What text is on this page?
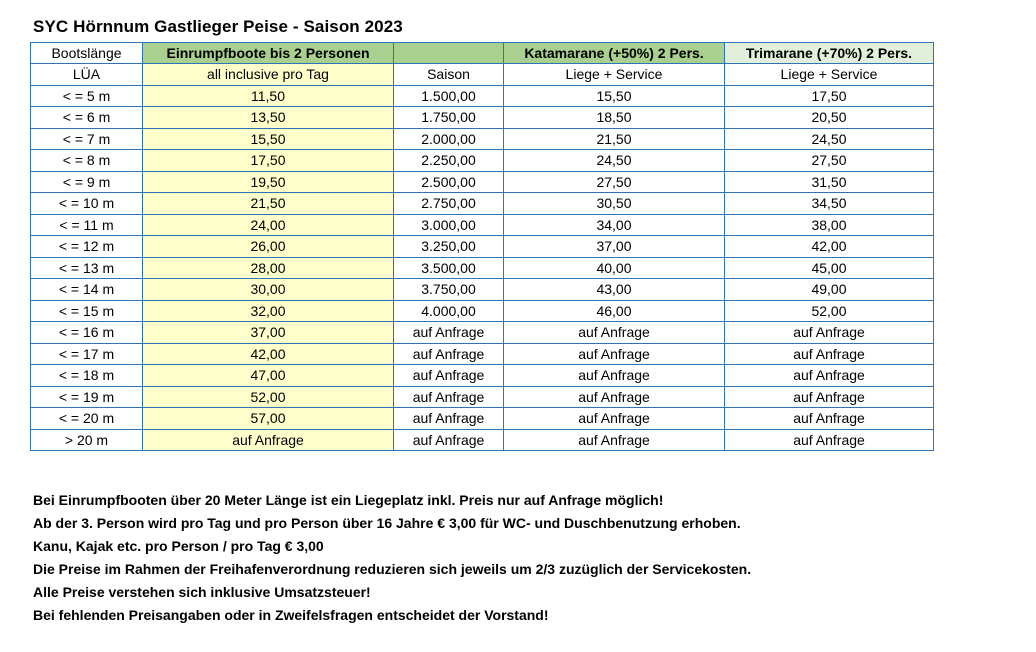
SYC Hörnnum Gastlieger Peise - Saison 2023
Bootslänge	Einrumpfboote bis 2 Personen		Katamarane (+50%) 2 Pers.	Trimarane (+70%) 2 Pers.
LÜA	all inclusive pro Tag	Saison	Liege + Service	Liege + Service
< = 5 m	11,50	1.500,00	15,50	17,50
< = 6 m	13,50	1.750,00	18,50	20,50
< = 7 m	15,50	2.000,00	21,50	24,50
< = 8 m	17,50	2.250,00	24,50	27,50
< = 9 m	19,50	2.500,00	27,50	31,50
< = 10 m	21,50	2.750,00	30,50	34,50
< = 11 m	24,00	3.000,00	34,00	38,00
< = 12 m	26,00	3.250,00	37,00	42,00
< = 13 m	28,00	3.500,00	40,00	45,00
< = 14 m	30,00	3.750,00	43,00	49,00
< = 15 m	32,00	4.000,00	46,00	52,00
< = 16 m	37,00	auf Anfrage	auf Anfrage	auf Anfrage
< = 17 m	42,00	auf Anfrage	auf Anfrage	auf Anfrage
< = 18 m	47,00	auf Anfrage	auf Anfrage	auf Anfrage
< = 19 m	52,00	auf Anfrage	auf Anfrage	auf Anfrage
< = 20 m	57,00	auf Anfrage	auf Anfrage	auf Anfrage
> 20 m	auf Anfrage	auf Anfrage	auf Anfrage	auf Anfrage
Bei Einrumpfbooten über 20 Meter Länge ist ein Liegeplatz inkl. Preis nur auf Anfrage möglich!
Ab der 3. Person wird pro Tag und pro Person über 16 Jahre € 3,00 für WC- und Duschbenutzung erhoben.
Kanu, Kajak etc. pro Person / pro Tag € 3,00
Die Preise im Rahmen der Freihafenverordnung reduzieren sich jeweils um 2/3 zuzüglich der Servicekosten.
Alle Preise verstehen sich inklusive Umsatzsteuer!
Bei fehlenden Preisangaben oder in Zweifelsfragen entscheidet der Vorstand!
